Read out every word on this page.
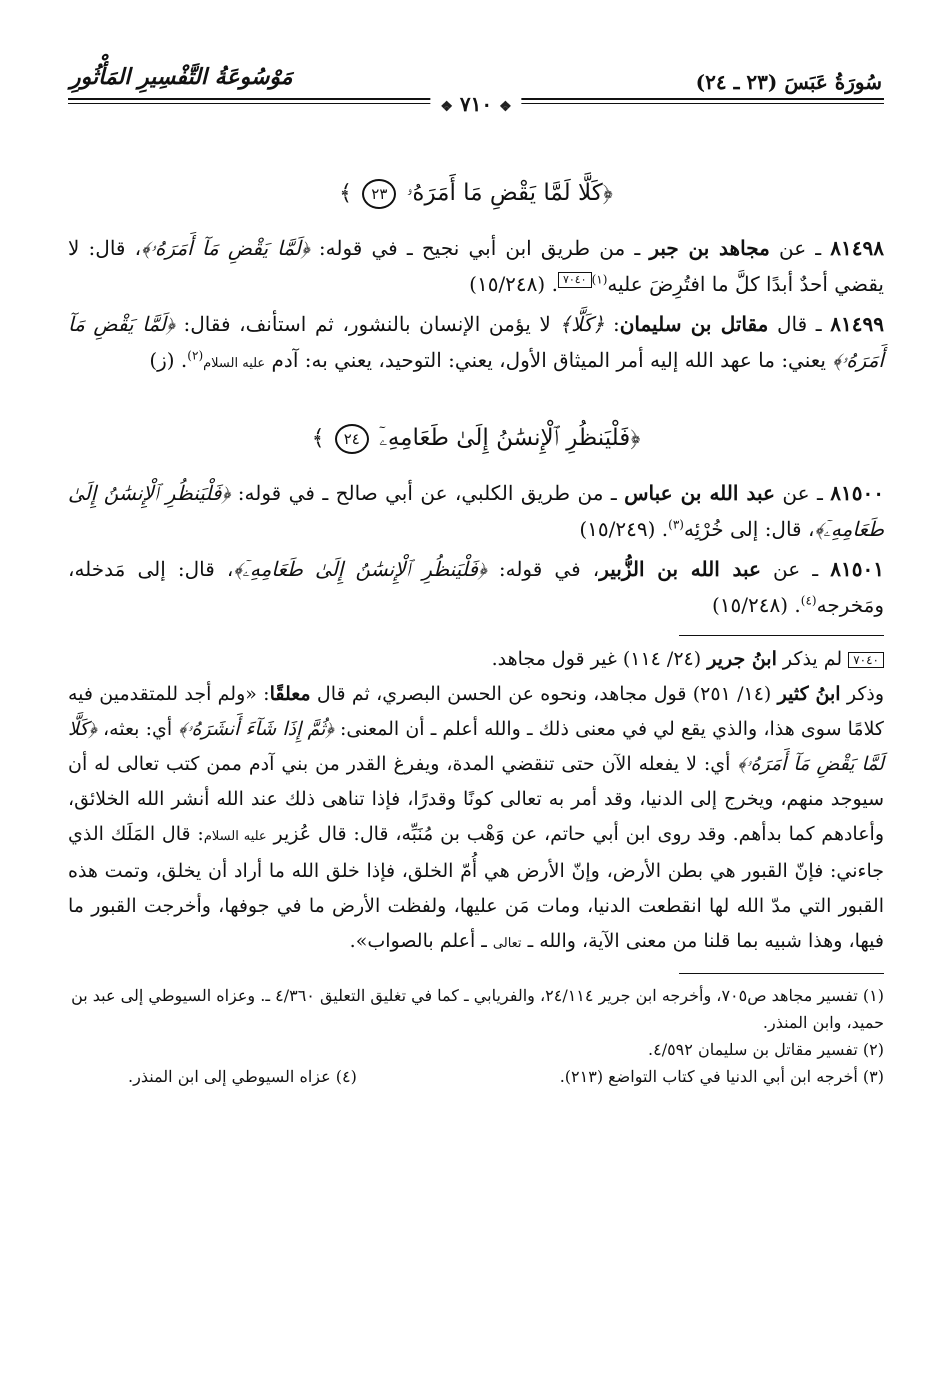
سُورَةُ عَبَسَ (٢٣ ـ ٢٤)
مَوْسُوعَةُ التَّفْسِيرِ المَأْثُورِ
❖ ٧١٠ ❖

﴿كَلَّا لَمَّا يَقْضِ مَا أَمَرَهُۥ ٢٣ ﴾

٨١٤٩٨ ـ عن مجاهد بن جبر ـ من طريق ابن أبي نجيح ـ في قوله: ﴿لَمَّا يَقْضِ مَآ أَمَرَهُۥ﴾، قال: لا يقضي أحدٌ أبدًا كلَّ ما افتُرِضَ عليه$^{(١)}$٧٠٤٠. (١٥/٢٤٨)

٨١٤٩٩ ـ قال مقاتل بن سليمان: ﴿كَلَّا﴾ لا يؤمن الإنسان بالنشور، ثم استأنف، فقال: ﴿لَمَّا يَقْضِ مَآ أَمَرَهُۥ﴾ يعني: ما عهد الله إليه أمر الميثاق الأول، يعني: التوحيد، يعني به: آدم عليه السلام$^{(٢)}$. (ز)

﴿فَلْيَنظُرِ ٱلْإِنسَٰنُ إِلَىٰ طَعَامِهِۦٓ ٢٤ ﴾

٨١٥٠٠ ـ عن عبد الله بن عباس ـ من طريق الكلبي، عن أبي صالح ـ في قوله: ﴿فَلْيَنظُرِ ٱلْإِنسَٰنُ إِلَىٰ طَعَامِهِۦٓ﴾، قال: إلى خُرْئِه$^{(٣)}$. (١٥/٢٤٩)

٨١٥٠١ ـ عن عبد الله بن الزُّبير، في قوله: ﴿فَلْيَنظُرِ ٱلْإِنسَٰنُ إِلَىٰ طَعَامِهِۦٓ﴾، قال: إلى مَدخله، ومَخرجه$^{(٤)}$. (١٥/٢٤٨)

٧٠٤٠ لم يذكر ابنُ جرير (٢٤/ ١١٤) غير قول مجاهد.

وذكر ابنُ كثير (١٤/ ٢٥١) قول مجاهد، ونحوه عن الحسن البصري، ثم قال معلقًا: «ولم أجد للمتقدمين فيه كلامًا سوى هذا، والذي يقع لي في معنى ذلك ـ والله أعلم ـ أن المعنى: ﴿ثُمَّ إِذَا شَآءَ أَنشَرَهُۥ﴾ أي: بعثه، ﴿كَلَّا لَمَّا يَقْضِ مَآ أَمَرَهُۥ﴾ أي: لا يفعله الآن حتى تنقضي المدة، ويفرغ القدر من بني آدم ممن كتب تعالى له أن سيوجد منهم، ويخرج إلى الدنيا، وقد أمر به تعالى كونًا وقدرًا، فإذا تناهى ذلك عند الله أنشر الله الخلائق، وأعادهم كما بدأهم. وقد روى ابن أبي حاتم، عن وَهْب بن مُنَبِّه، قال: قال عُزير عليه السلام: قال المَلَك الذي جاءني: فإنّ القبور هي بطن الأرض، وإنّ الأرض هي أُمّ الخلق، فإذا خلق الله ما أراد أن يخلق، وتمت هذه القبور التي مدّ الله لها انقطعت الدنيا، ومات مَن عليها، ولفظت الأرض ما في جوفها، وأخرجت القبور ما فيها، وهذا شبيه بما قلنا من معنى الآية، والله ـ تعالى ـ أعلم بالصواب».

(١) تفسير مجاهد ص٧٠٥، وأخرجه ابن جرير ٢٤/١١٤، والفريابي ـ كما في تغليق التعليق ٤/٣٦٠ ـ. وعزاه السيوطي إلى عبد بن حميد، وابن المنذر.

(٢) تفسير مقاتل بن سليمان ٤/٥٩٢.

(٣) أخرجه ابن أبي الدنيا في كتاب التواضع (٢١٣).

(٤) عزاه السيوطي إلى ابن المنذر.
